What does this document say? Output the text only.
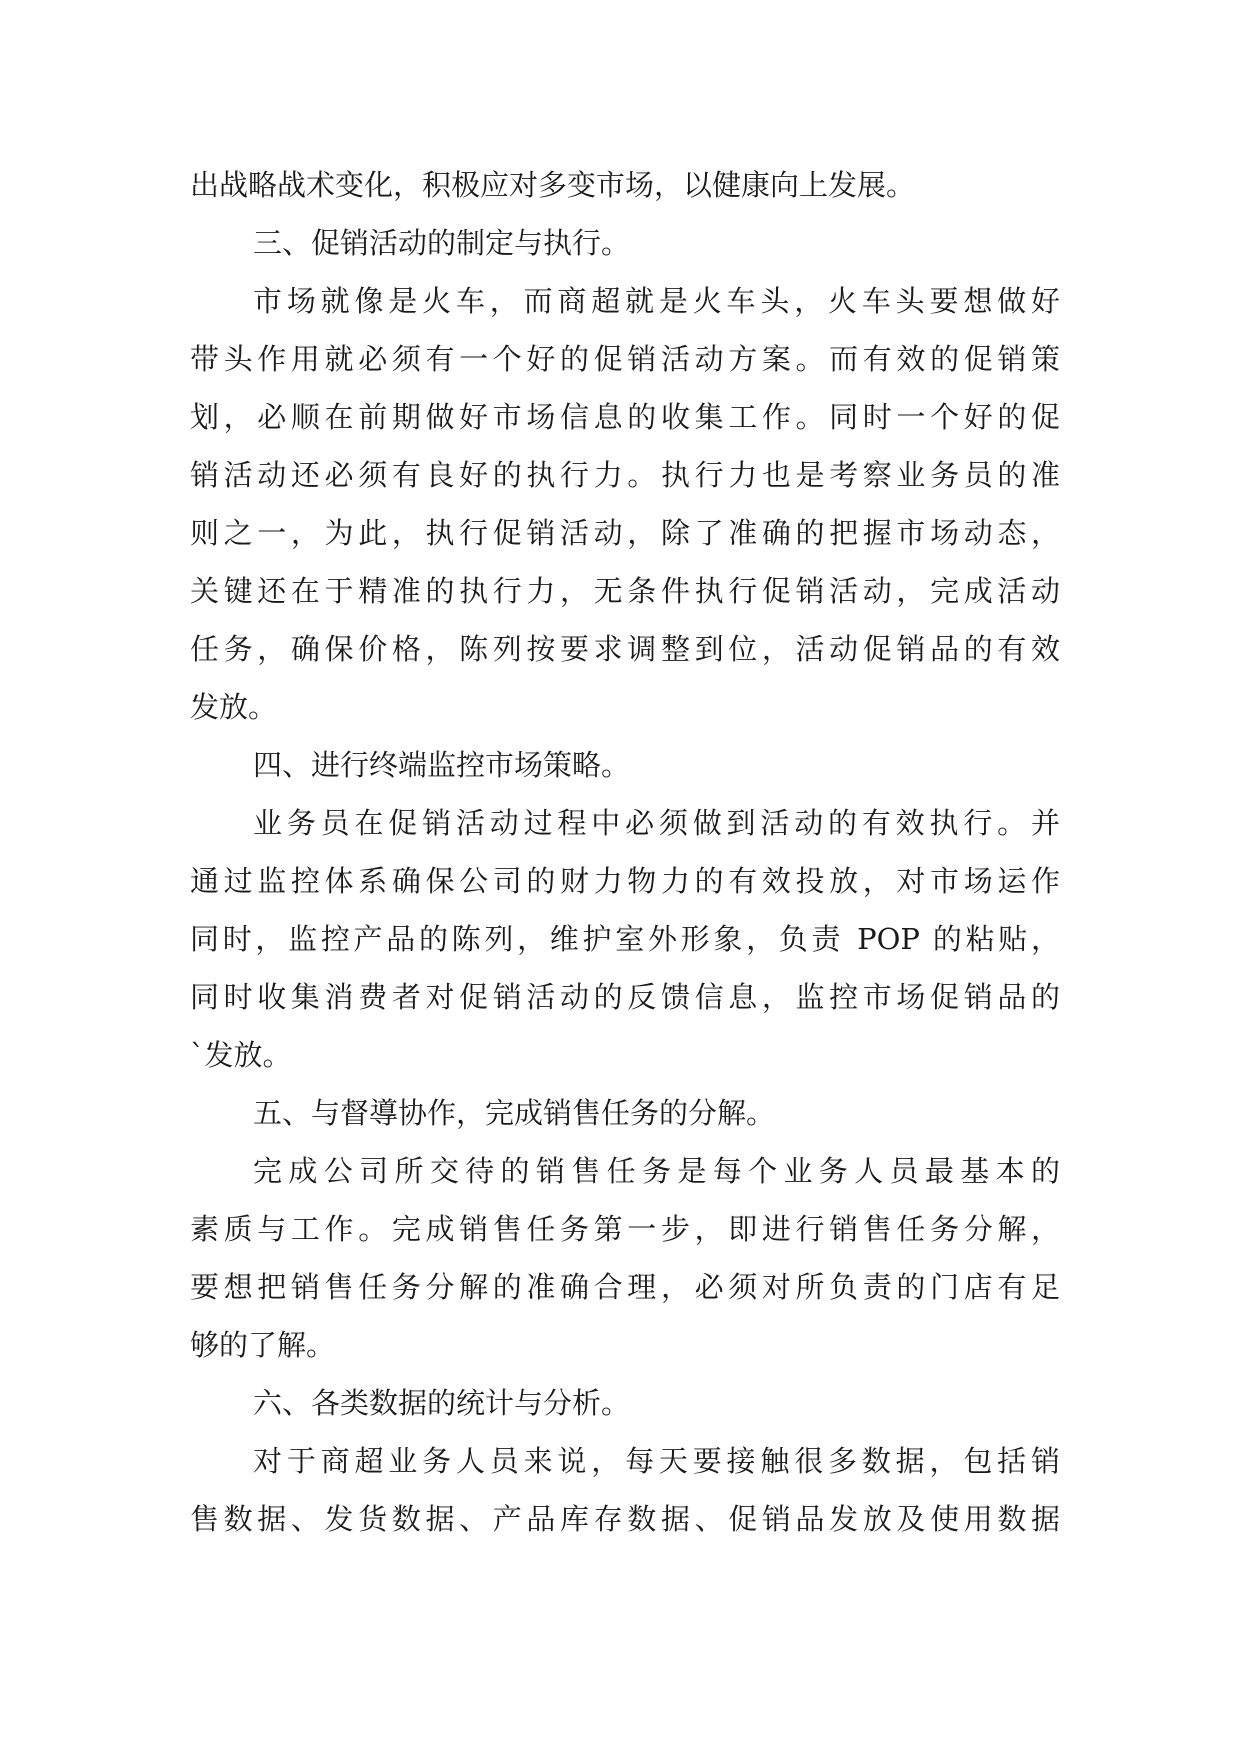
出战略战术变化，积极应对多变市场，以健康向上发展。
三、促销活动的制定与执行。
市场就像是火车，而商超就是火车头，火车头要想做好
带头作用就必须有一个好的促销活动方案。而有效的促销策
划，必顺在前期做好市场信息的收集工作。同时一个好的促
销活动还必须有良好的执行力。执行力也是考察业务员的准
则之一，为此，执行促销活动，除了准确的把握市场动态，
关键还在于精准的执行力，无条件执行促销活动，完成活动
任务，确保价格，陈列按要求调整到位，活动促销品的有效
发放。
四、进行终端监控市场策略。
业务员在促销活动过程中必须做到活动的有效执行。并
通过监控体系确保公司的财力物力的有效投放，对市场运作
同时，监控产品的陈列，维护室外形象，负责 POP 的粘贴，
同时收集消费者对促销活动的反馈信息，监控市场促销品的
`发放。
五、与督導协作，完成销售任务的分解。
完成公司所交待的销售任务是每个业务人员最基本的
素质与工作。完成销售任务第一步，即进行销售任务分解，
要想把销售任务分解的准确合理，必须对所负责的门店有足
够的了解。
六、各类数据的统计与分析。
对于商超业务人员来说，每天要接触很多数据，包括销
售数据、发货数据、产品库存数据、促销品发放及使用数据
